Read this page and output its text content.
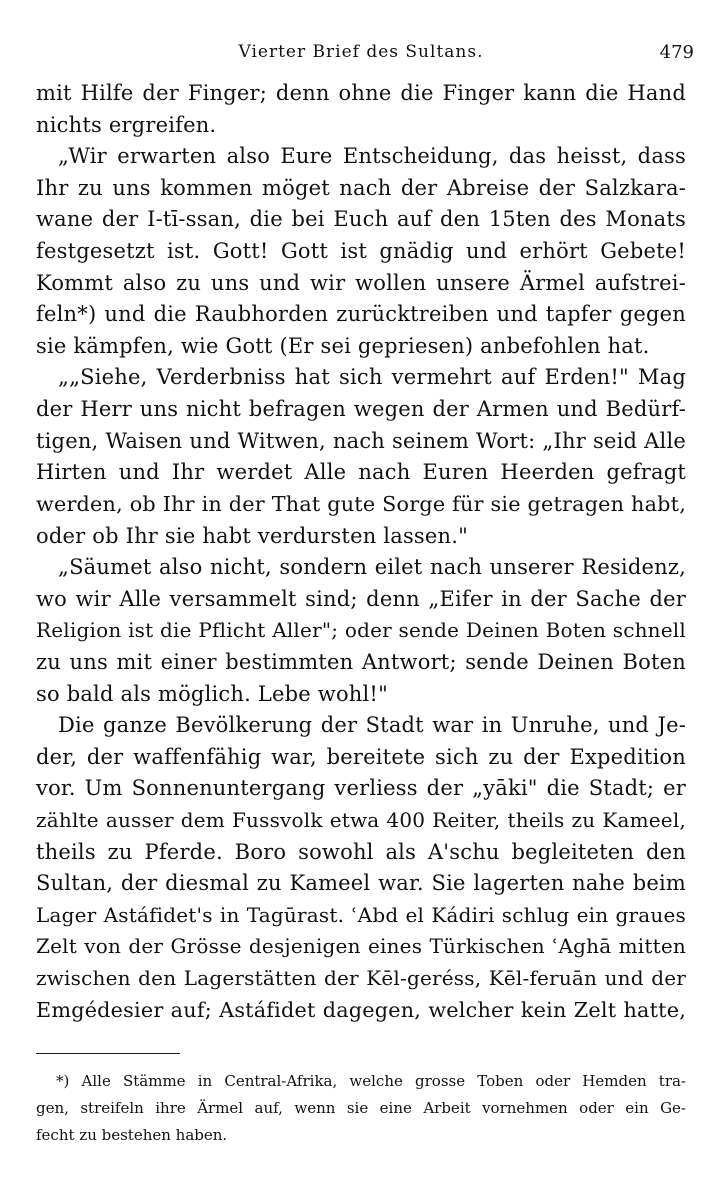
Vierter Brief des Sultans.	479
mit Hilfe der Finger; denn ohne die Finger kann die Hand
nichts ergreifen.
„Wir erwarten also Eure Entscheidung, das heisst, dass
Ihr zu uns kommen möget nach der Abreise der Salzkara-
wane der I-tī-ssan, die bei Euch auf den 15ten des Monats
festgesetzt ist. Gott! Gott ist gnädig und erhört Gebete!
Kommt also zu uns und wir wollen unsere Ärmel aufstrei-
feln*) und die Raubhorden zurücktreiben und tapfer gegen
sie kämpfen, wie Gott (Er sei gepriesen) anbefohlen hat.
„„Siehe, Verderbniss hat sich vermehrt auf Erden!" Mag
der Herr uns nicht befragen wegen der Armen und Bedürf-
tigen, Waisen und Witwen, nach seinem Wort: „Ihr seid Alle
Hirten und Ihr werdet Alle nach Euren Heerden gefragt
werden, ob Ihr in der That gute Sorge für sie getragen habt,
oder ob Ihr sie habt verdursten lassen."
„Säumet also nicht, sondern eilet nach unserer Residenz,
wo wir Alle versammelt sind; denn „Eifer in der Sache der
Religion ist die Pflicht Aller"; oder sende Deinen Boten schnell
zu uns mit einer bestimmten Antwort; sende Deinen Boten
so bald als möglich. Lebe wohl!"
Die ganze Bevölkerung der Stadt war in Unruhe, und Je-
der, der waffenfähig war, bereitete sich zu der Expedition
vor. Um Sonnenuntergang verliess der „yāki" die Stadt; er
zählte ausser dem Fussvolk etwa 400 Reiter, theils zu Kameel,
theils zu Pferde. Boro sowohl als A'schu begleiteten den
Sultan, der diesmal zu Kameel war. Sie lagerten nahe beim
Lager Astáfidet's in Tagūrast. ʿAbd el Kádiri schlug ein graues
Zelt von der Grösse desjenigen eines Türkischen ʿAghā mitten
zwischen den Lagerstätten der Kēl-geréss, Kēl-feruān und der
Emgédesier auf; Astáfidet dagegen, welcher kein Zelt hatte,
*) Alle Stämme in Central-Afrika, welche grosse Toben oder Hemden tra-
gen, streifeln ihre Ärmel auf, wenn sie eine Arbeit vornehmen oder ein Ge-
fecht zu bestehen haben.
